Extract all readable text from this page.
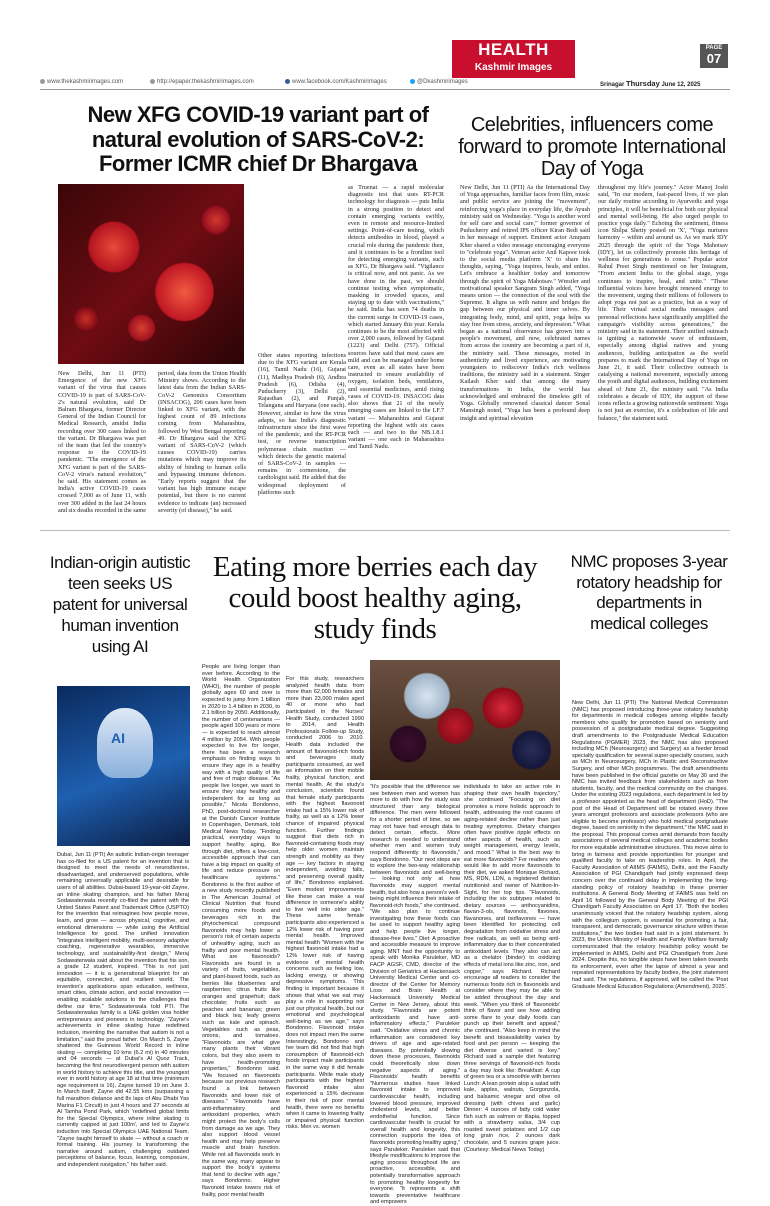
HEALTH
Kashmir Images
PAGE
07
www.thekashmirimages.com	http://epaper.thekashmirimages.com	www.facebook.com/Kashmirimages	@Dkashmirimages	Srinagar Thursday June 12, 2025
New XFG COVID-19 variant part of natural evolution of SARS-CoV-2: Former ICMR chief Dr Bhargava
New Delhi, Jun 11 (PTI) Emergence of the new XFG variant of the virus that causes COVID-19 is part of SARS-CoV-2's natural evolution, said Dr Balram Bhargava, former Director General of the Indian Council for Medical Research, amidst India recording over 300 cases linked to the variant. Dr Bhargava was part of the team that led the country's response to the COVID-19 pandemic. "The emergence of the XFG variant is part of the SARS-CoV-2 virus's natural evolution," he said. His statement comes as India's active COVID-19 cases crossed 7,000 as of June 11, with over 300 added in the last 24 hours and six deaths recorded in the same
period, data from the Union Health Ministry shows. According to the latest data from the Indian SARS-CoV-2 Genomics Consortium (INSACOG), 206 cases have been linked to XFG variant, with the highest count of 89 infections coming from Maharashtra, followed by West Bengal reporting 49. Dr Bhargava said the XFG variant of SARS-CoV-2 (which causes COVID-19) carries mutations which may improve its ability of binding to human cells and bypassing immune defences. "Early reports suggest that the variant has high immune escape potential, but there is no current evidence to indicate (an) increased severity (of disease)," he said.
Other states reporting infections due to the XFG variant are Kerala (16), Tamil Nadu (16), Gujarat (11), Madhya Pradesh (6), Andhra Pradesh (6), Odisha (4), Puducherry (3), Delhi (2), Rajasthan (2), and Punjab, Telangana and Haryana (one each). However, similar to how the virus adapts, so has India's diagnostic infrastructure since the first wave of the pandemic, and the RT-PCR test, or reverse transcription polymerase chain reaction — which detects the genetic material of SARS-CoV-2 in samples — remains in cornerstone, the cardiologist said. He added that the widespread deployment of platforms such
as Truenat — a rapid molecular diagnostic test that uses RT-PCR technology for diagnosis — puts India in a strong position to detect and contain emerging variants swiftly, even in remote and resource-limited settings. Point-of-care testing, which detects antibodies in blood, played a crucial role during the pandemic then, and it continues to be a frontline tool for detecting emerging variants, such as XFG, Dr Bhargava said. "Vigilance is critical now, and not panic. As we have done in the past, we should continue testing when symptomatic, masking in crowded spaces, and staying up to date with vaccinations," he said. India has seen 74 deaths in the current surge in COVID-19 cases, which started January this year. Kerala continues to be the most affected with over 2,000 cases, followed by Gujarat (1223) and Delhi (757). Official sources have said that most cases are mild and can be managed under home care, even as all states have been instructed to ensure availability of oxygen, isolation beds, ventilators, and essential medicines, amid rising cases of COVID-19. INSACOG data also shows that 21 of the newly emerging cases are linked to the LF.7 variant — Maharashtra and Gujarat reporting the highest with six cases each — and two to the NB.1.8.1 variant — one each in Maharashtra and Tamil Nadu.
Celebrities, influencers come forward to promote International Day of Yoga
New Delhi, Jun 11 (PTI) As the International Day of Yoga approaches, familiar faces from film, music and public service are joining the "movement", reinforcing yoga's place in everyday life, the Ayush ministry said on Wednesday. "Yoga is another word for self care and social care," former governor of Puducherry and retired IPS officer Kiran Bedi said in her message of support. Eminent actor Anupam Kher shared a video message encouraging everyone to "celebrate yoga". Veteran actor Anil Kapoor took to the social media platform 'X' to share his thoughts, saying, "Yoga inspires, heals, and unites. Let's embrace a healthier today and tomorrow through the spirit of Yoga Mahotsav." Wrestler and motivational speaker Sangram Singh added, "Yoga means union — the connection of the soul with the Supreme. It aligns us with nature and bridges the gap between our physical and inner selves. By integrating body, mind, and spirit, yoga helps us stay free from stress, anxiety, and depression." What began as a national observance has grown into a people's movement, and now, celebrated names from across the country are becoming a part of it, the ministry said. These messages, rooted in authenticity and lived experience, are motivating youngsters to rediscover India's rich wellness traditions, the ministry said in a statement. Singer Kailash Kher said that among the many transformations in India, the world has acknowledged and embraced the timeless gift of Yoga. Globally renowned classical dancer Sonal Mansingh noted, "Yoga has been a profound deep insight and spiritual elevation
throughout my life's journey." Actor Manoj Joshi said, "In our modern, fast-paced lives, if we plan our daily routine according to Ayurvedic and yoga principles, it will be beneficial for both our physical and mental well-being. He also urged people to practice yoga daily." Echoing the sentiment, fitness icon Shilpa Shetty posted on 'X', "Yoga nurtures harmony – within and around us. As we mark IDY 2025 through the spirit of the Yoga Mahotsav (IDY), let us collectively promote this heritage of wellness for generations to come." Popular actor Rahul Preet Singh mentioned on her Instagram, "From ancient India to the global stage, yoga continues to inspire, heal, and unite." "These influential voices have brought renewed energy to the movement, urging their millions of followers to adopt yoga not just as a practice, but as a way of life. Their virtual social media messages and personal reflections have significantly amplified the campaign's visibility across generations," the ministry said in its statement. Their unified outreach is igniting a nationwide wave of enthusiasm, especially among digital natives and young audiences, building anticipation as the world prepares to mark the International Day of Yoga on June 21, it said. Their collective outreach is catalysing a national movement, especially among the youth and digital audiences, building excitement ahead of June 21, the ministry said. "As India celebrates a decade of IDY, the support of these icons reflects a growing nationwide sentiment: Yoga is not just an exercise, it's a celebration of life and balance," the statement said.
Indian-origin autistic teen seeks US patent for universal human invention using AI
AI
Dubai, Jun 11 (PTI) An autistic Indian-origin teenager has co-filed for a US patent for an invention that is designed to meet the needs of neurodiverse, disadvantaged, and underserved populations, while remaining universally applicable and desirable for users of all abilities. Dubai-based 19-year-old Zayne, an inline skating champion, and his father Meraj Sodawaterwala recently co-filed the patent with the United States Patent and Trademark Office (USPTO) for the invention that reimagines how people move, learn, and grow — across physical, cognitive, and emotional dimensions — while using the Artificial Intelligence for good. The unified innovation "integrates intelligent mobility, multi-sensory adaptive coaching, regenerative wearables, immersive technology, and sustainability-first design," Meraj Sodawaterwala said about the invention that his son, a grade 12 student, inspired. "This is not just innovation — it is a generational blueprint for an equitable, connected, and resilient world. The invention's applications span education, wellness, smart cities, climate action, and social innovation — enabling scalable solutions to the challenges that define our time," Sodawaterwala told PTI. The Sodawaterwalas family is a UAE golden visa holder entrepreneurs and pioneers in technology. "Zayne's achievements in inline skating have redefined inclusion, inventing the narrative that autism is not a limitation," said the proud father. On March 5, Zayne shattered the Guinness World Record in inline skating — completing 10 kms (6.2 mi) in 40 minutes and 04 seconds — at Dubai's Al Quoz Track, becoming the first neurodivergent person with autism in world history to achieve this title, and the youngest ever in world history at age 18 at that time (minimum age requirement is 16), Zayne turned 19 on June 3. In March itself, Zayne did 42.55 kms (surpassing a full marathon distance and 8x laps of Abu Dhabi Yas Marina F1 Circuit) in just 4 hours and 27 seconds at Al Tamha Pond Park, which 'redefined global limits for the Special Olympics, where inline skating is currently capped at just 100m', and led to Zayne's induction into Special Olympics UAE National Team. "Zayne taught himself to skate — without a coach or formal training. His journey is transforming the narrative around autism, challenging outdated perceptions of balance, focus, learning, composure, and independent navigation," his father said.
Eating more berries each day could boost healthy aging, study finds
People are living longer than ever before. According to the World Health Organization (WHO), the number of people globally ages 60 and over is expected to jump from 1 billion in 2020 to 1.4 billion in 2030, to 2.1 billion by 2050. Additionally, the number of centenarians — people aged 100 years or more — is expected to reach almost 4 million by 2054. With people expected to live for longer, there has been a research emphasis on finding ways to ensure they age in a healthy way with a high quality of life and free of major disease. "As people live longer, we want to ensure they stay healthy and independent for as long as possible," Nicola Bondonno, PhD, post-doctoral researcher at the Danish Cancer Institute in Copenhagen, Denmark, told Medical News Today. "Finding practical, everyday ways to support healthy aging, like through diet, offers a low-cost, accessible approach that can have a big impact on quality of life and reduce pressure on healthcare systems." Bondonno is the first author of a new study recently published in The American Journal of Clinical Nutrition that found consuming more foods and beverages rich in the phytochemical compound flavonoids may help lower a person's risk of certain aspects of unhealthy aging, such as frailty and poor mental health. What are flavonoids? Flavonoids are found in a variety of fruits, vegetables, and plant-based foods, such as berries like blueberries and raspberries; citrus fruits like oranges and grapefruit; dark chocolate; fruits such as peaches and bananas; green and black tea; leafy greens such as kale and spinach. Vegetables such as peas, onions, and tomatoes. "Flavonoids are what give many plants their vibrant colors, but they also seem to have health-promoting properties," Bondonno said. "We focused on flavonoids because our previous research found a link between flavonoids and lower risk of diseases." "Flavonoids have anti-inflammatory and antioxidant properties, which might protect the body's cells from damage as we age. They also support blood vessel health and may help preserve muscle and brain function. While not all flavonoids work in the same way, many appear to support the body's systems that tend to decline with age," says Bondonno. Higher flavonoid intake lowers risk of frailty, poor mental health
For this study, researchers analyzed health data from more than 62,000 females and more than 23,000 males aged 40 or more who had participated in the Nurses' Health Study, conducted 1990 to 2014, and Health Professionals Follow-up Study, conducted 2006 to 2010. Health data included the amount of flavonoid-rich foods and beverages study participants consumed, as well as information on their mobile frailty, physical function, and mental health. At the study's conclusion, scientists found that female study participants with the highest flavonoid intake had a 15% lower risk of frailty, as well as a 12% lower chance of impaired physical function. Further findings suggest that diets rich in flavonoid-containing foods may help older women maintain strength and mobility as they age — key factors in staying independent, avoiding falls, and preserving overall quality of life," Bondonno explained. "Even modest improvements like these can make a real difference in someone's ability to live well into older age." These same female participants also experienced a 12% lower risk of having poor mental health. Improved mental health "Women with the highest flavonoid intake had a 12% lower risk of having evidence of mental health concerns such as feeling low, lacking energy, or showing depressive symptoms. This finding is important because it shows that what we eat may play a role in supporting not just our physical health, but our emotional and psychological well-being as we age," says Bondonno. Flavonoid intake does not impact men the same Interestingly, Bondonno and her team did not find that high consumption of flavonoid-rich foods impact male participants in the same way it did female participants. While male study participants with the highest flavonoid intake also experienced a 15% decrease in their risk of poor mental health, there were no benefits when it came to lowering frailty or impaired physical function risks. Men vs. women
"It's possible that the difference we see between men and women has more to do with how the study was structured than any biological difference. The men were followed for a shorter period of time, so we may not have had enough data to detect certain effects. More research is needed to understand whether men and women truly respond differently to flavonoids," says Bondonno. "Our next steps are to explore the two-way relationship between flavonoids and well-being — looking not only at how flavonoids may support mental health, but also how a person's well-being might influence their intake of flavonoid-rich foods," she continued. "We also plan to continue investigating how these foods can be used to support healthy aging and help people live longer, disease-free lives." Diet: A proactive and accessible measure to improve aging. MNT had the opportunity to speak with Monika Paruleker, MD FACP AGSF, CMD, director of the Division of Geriatrics at Hackensack University Medical Center and co-director of the Center for Memory Loss and Brain Health at Hackensack University Medical Center in New Jersey, about this study. "Flavonoids are potent antioxidants and have anti-inflammatory effects," Paruleker said. "Oxidative stress and chronic inflammation are considered key drivers of age and age-related diseases. By potentially slowing down these processes, flavonoids could theoretically slow down negative aspects of aging." Flavonoids' health benefits "Numerous studies have linked flavonoid intake to improved cardiovascular health, including lowered blood pressure, improved cholesterol levels, and better endothelial function. Since cardiovascular health is crucial for overall health and longevity, this connection supports the idea of flavonoids promoting healthy aging," says Paruleker. Paruleker said that lifestyle modifications to improve the aging process throughout life are proactive, accessible, and potentially transformative approach to promoting healthy longevity for everyone. "It represents a shift towards preventative healthcare and empowers
individuals to take an active role in shaping their own health trajectory," she continued "Focusing on diet promotes a more holistic approach to health, addressing the root causes of aging-related decline rather than just treating symptoms. Dietary changes often have positive ripple effects on other aspects of health, such as weight management, energy levels, and mood." What is the best way to eat more flavonoids? For readers who would like to add more flavonoids to their diet, we asked Monique Richard, MS, RDN, LDN, a registered dietitian nutritionist and owner of Nutrition-In-Sight, for her top tips. "Flavonoids, including the six subtypes related to dietary sources — anthocyanidins, flavan-3-ols, flavonols, flavones, flavanones, and isoflavones — have been identified for protecting cell degradation from oxidative stress and free radicals, as well as being anti-inflammatory due to their concentrated antioxidant levels. They also can act as a chelator (binder) to oxidizing effects of metal ions like zinc, iron, and copper," says Richard. Richard encourage all readers to consider the numerous foods rich in flavonoids and consider where they may be able to be added throughout the day and week. "When you think of 'flavonoids' think of flavor and see how adding some flare to your daily foods can punch up their benefit and appeal," she continued. "Also keep in mind the benefit and bioavailability varies by food and per person — keeping the diet diverse and varied is key." Richard said a sample diet featuring three servings of flavonoid-rich foods a day may look like: Breakfast: A cup of green tea or a smoothie with berries Lunch: A lean protein atop a salad with kale, apples, walnuts, Gorgonzola, and balsamic vinegar and olive oil dressing (with chives and garlic) Dinner: 4 ounces of fatty cold water fish such as salmon or tilapia, topped with a strawberry salsa, 3/4 cup roasted sweet potatoes and 1/2 cup long grain rice, 2 ounces dark chocolate, and 5 ounces grape juice. (Courtesy: Medical News Today)
NMC proposes 3-year rotatory headship for departments in medical colleges
New Delhi, Jun 11 (PTI) The National Medical Commission (NMC) has proposed introducing three-year rotatory headship for departments in medical colleges among eligible faculty members who qualify for promotion based on seniority and possession of a postgraduate medical degree. Suggesting draft amendments to the Postgraduate Medical Education Regulations (PGMER) 2023, the NMC has also proposed including MCh (Neurosurgery) and Surgery) as a feeder broad specialty qualification for several super-specialty courses, such as MCh in Neurosurgery, MCh in Plastic and Reconstructive Surgery, and other MCh programmes. The draft amendments have been published in the official gazette on May 30 and the NMC has invited feedback from stakeholders such as from students, faculty, and the medical community on the changes. Under the existing 2023 regulations, each department is led by a professor appointed as the head of department (HoD). "The post of the Head of Department will be rotated every three years amongst professors and associate professors (who are eligible to become professor) who hold medical postgraduate degree, based on seniority in the department," the NMC said in the proposal. This proposal comes amid demands from faculty associations of several medical colleges and academic bodies for more equitable administrative structures. This move aims to bring in fairness and provide opportunities for younger and qualified faculty to take on leadership roles. In April, the Faculty Association of AIIMS (FAIMS), Delhi, and the Faculty Association of PGI Chandigarh had jointly expressed deep concern over the continued delay in implementing the long-standing policy of rotatory headship in these premier institutions. A General Body Meeting of FAIMS was held on April 16 followed by the General Body Meeting of the PGI Chandigarh Faculty Association on April 17. "Both the bodies unanimously voiced that the rotatory headship system, along with the collegium system, is essential for promoting a fair, transparent, and democratic governance structure within these institutions," the two bodies had said in a joint statement. In 2023, the Union Ministry of Health and Family Welfare formally communicated that the rotatory headship policy would be implemented in AIIMS, Delhi and PGI Chandigarh from June 2024. Despite this, no tangible steps have been taken towards its enforcement, even after the lapse of almost a year and repeated representations by faculty bodies, the joint statement had said. The regulations, if approved, will be called the 'Post Graduate Medical Education Regulations (Amendment), 2025'.
